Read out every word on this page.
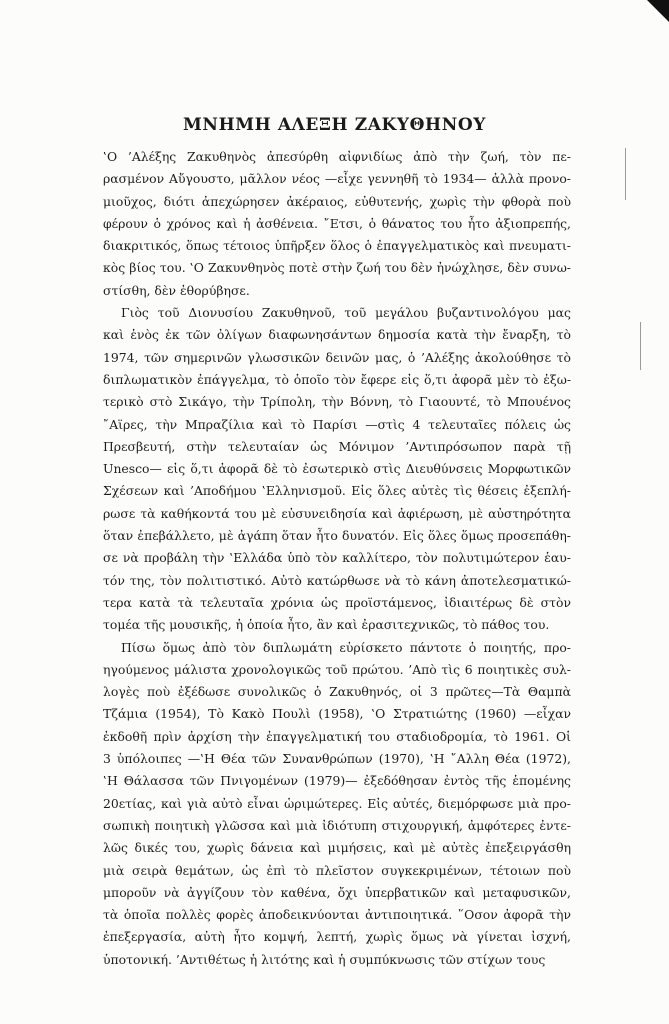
ΜΝΗΜΗ ΑΛΕΞΗ ΖΑΚΥΘΗΝΟΥ
‛Ο ’Αλέξης Ζακυθηνὸς ἀπεσύρθη αἰφνιδίως ἀπὸ τὴν ζωή, τὸν πε-
ρασμένον Αὔγουστο, μᾶλλον νέος —εἶχε γεννηθῆ τὸ 1934— ἀλλὰ προνο-
μιοῦχος, διότι ἀπεχώρησεν ἀκέραιος, εὐθυτενής, χωρὶς τὴν φθορὰ ποὺ
φέρουν ὁ χρόνος καὶ ἡ ἀσθένεια. ῎Ετσι, ὁ θάνατος του ἦτο ἀξιοπρεπής,
διακριτικός, ὅπως τέτοιος ὑπῆρξεν ὅλος ὁ ἐπαγγελματικὸς καὶ πνευματι-
κὸς βίος του. ‛Ο Ζακυνθηνὸς ποτὲ στὴν ζωή του δὲν ἠνώχλησε, δὲν συνω-
στίσθη, δὲν ἐθορύβησε.
Γιὸς τοῦ Διονυσίου Ζακυθηνοῦ, τοῦ μεγάλου βυζαντινολόγου μας
καὶ ἑνὸς ἐκ τῶν ὀλίγων διαφωνησάντων δημοσία κατὰ τὴν ἔναρξη, τὸ
1974, τῶν σημερινῶν γλωσσικῶν δεινῶν μας, ὁ ’Αλέξης ἀκολούθησε τὸ
διπλωματικὸν ἐπάγγελμα, τὸ ὁποῖο τὸν ἔφερε εἰς ὅ,τι ἀφορᾶ μὲν τὸ ἐξω-
τερικὸ στὸ Σικάγο, τὴν Τρίπολη, τὴν Βόννη, τὸ Γιαουντέ, τὸ Μπουένος
῎Αϊρες, τὴν Μπραζίλια καὶ τὸ Παρίσι —στὶς 4 τελευταῖες πόλεις ὡς
Πρεσβευτή, στὴν τελευταίαν ὡς Μόνιμον ’Αντιπρόσωπον παρὰ τῇ
Unesco— εἰς ὅ,τι ἀφορᾶ δὲ τὸ ἐσωτερικὸ στὶς Διευθύνσεις Μορφωτικῶν
Σχέσεων καὶ ’Αποδήμου ‛Ελληνισμοῦ. Εἰς ὅλες αὐτὲς τὶς θέσεις ἐξεπλή-
ρωσε τὰ καθήκοντά του μὲ εὐσυνειδησία καὶ ἀφιέρωση, μὲ αὐστηρότητα
ὅταν ἐπεβάλλετο, μὲ ἀγάπη ὅταν ἦτο δυνατόν. Εἰς ὅλες ὅμως προσεπάθη-
σε νὰ προβάλη τὴν ‛Ελλάδα ὑπὸ τὸν καλλίτερο, τὸν πολυτιμώτερον ἑαυ-
τόν της, τὸν πολιτιστικό. Αὐτὸ κατώρθωσε νὰ τὸ κάνη ἀποτελεσματικώ-
τερα κατὰ τὰ τελευταῖα χρόνια ὡς προϊστάμενος, ἰδιαιτέρως δὲ στὸν
τομέα τῆς μουσικῆς, ἡ ὁποία ἦτο, ἂν καὶ ἐρασιτεχνικῶς, τὸ πάθος του.
Πίσω ὅμως ἀπὸ τὸν διπλωμάτη εὑρίσκετο πάντοτε ὁ ποιητής, προ-
ηγούμενος μάλιστα χρονολογικῶς τοῦ πρώτου. ’Απὸ τὶς 6 ποιητικὲς συλ-
λογὲς ποὺ ἐξέδωσε συνολικῶς ὁ Ζακυθηνός, οἱ 3 πρῶτες—Τὰ Θαμπὰ
Τζάμια (1954), Τὸ Κακὸ Πουλὶ (1958), ‛Ο Στρατιώτης (1960) —εἶχαν
ἐκδοθῆ πρὶν ἀρχίση τὴν ἐπαγγελματική του σταδιοδρομία, τὸ 1961. Οἱ
3 ὑπόλοιπες —‛Η Θέα τῶν Συνανθρώπων (1970), ‛Η ῎Αλλη Θέα (1972),
‛Η Θάλασσα τῶν Πνιγομένων (1979)— ἐξεδόθησαν ἐντὸς τῆς ἑπομένης
20ετίας, καὶ γιὰ αὐτὸ εἶναι ὡριμώτερες. Εἰς αὐτές, διεμόρφωσε μιὰ προ-
σωπικὴ ποιητικὴ γλῶσσα καὶ μιὰ ἰδιότυπη στιχουργική, ἀμφότερες ἐντε-
λῶς δικές του, χωρὶς δάνεια καὶ μιμήσεις, καὶ μὲ αὐτὲς ἐπεξειργάσθη
μιὰ σειρὰ θεμάτων, ὡς ἐπὶ τὸ πλεῖστον συγκεκριμένων, τέτοιων ποὺ
μποροῦν νὰ ἀγγίζουν τὸν καθένα, ὄχι ὑπερβατικῶν καὶ μεταφυσικῶν,
τὰ ὁποῖα πολλὲς φορὲς ἀποδεικνύονται ἀντιποιητικά. ῞Οσον ἀφορᾶ τὴν
ἐπεξεργασία, αὐτὴ ἦτο κομψή, λεπτή, χωρὶς ὅμως νὰ γίνεται ἰσχνή,
ὑποτονική. ’Αντιθέτως ἡ λιτότης καὶ ἡ συμπύκνωσις τῶν στίχων τους
